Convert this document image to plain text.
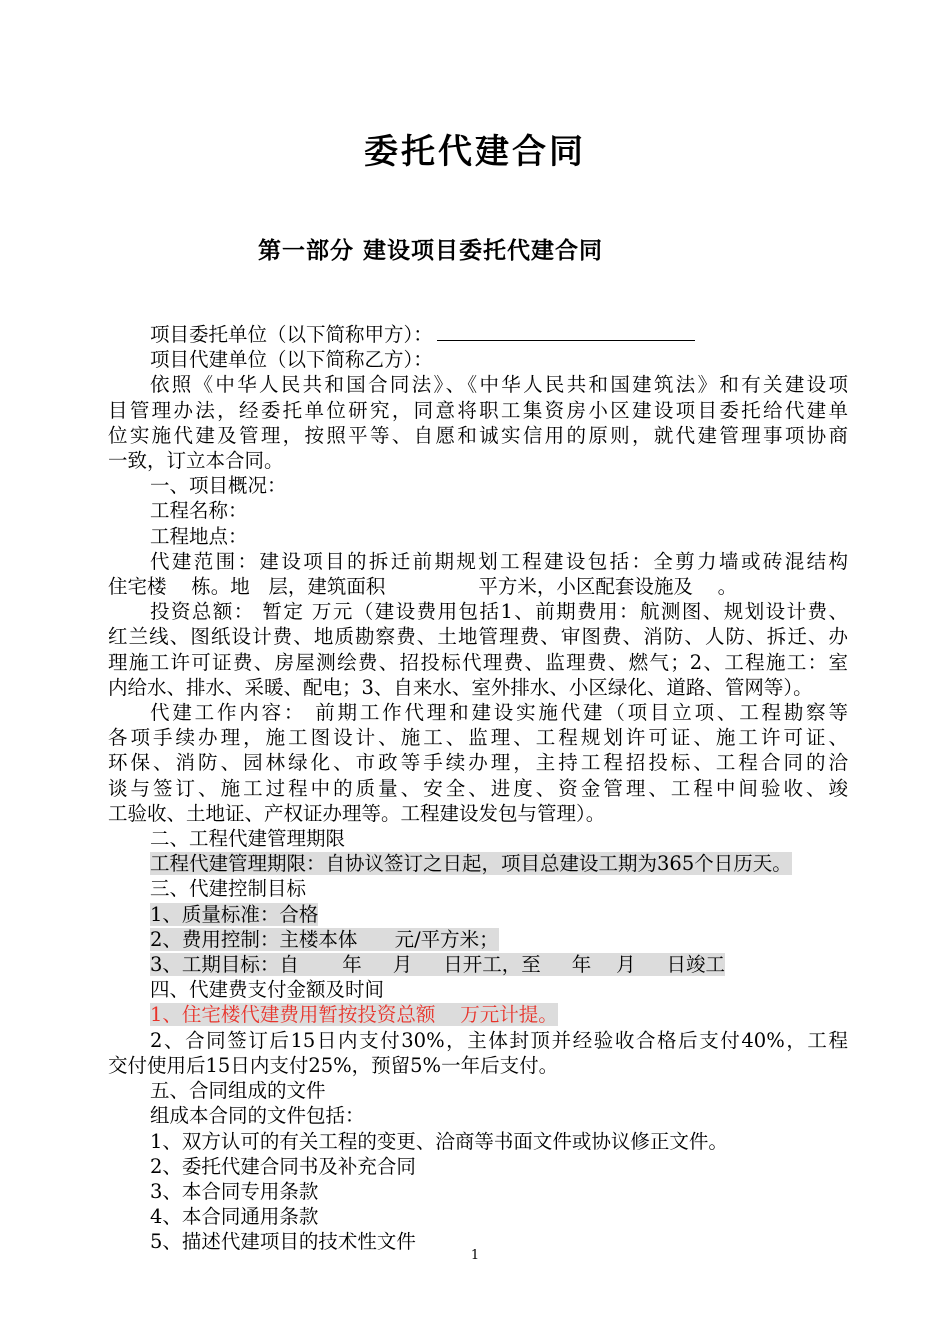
委托代建合同
第一部分 建设项目委托代建合同
项目委托单位（以下简称甲方）：
项目代建单位（以下简称乙方）：
依照《中华人民共和国合同法》、《中华人民共和国建筑法》和有关建设项
目管理办法，经委托单位研究，同意将职工集资房小区建设项目委托给代建单
位实施代建及管理，按照平等、自愿和诚实信用的原则，就代建管理事项协商
一致，订立本合同。
一、项目概况：
工程名称：
工程地点：
代建范围：建设项目的拆迁前期规划工程建设包括：全剪力墙或砖混结构
住宅楼    栋。地   层，建筑面积               平方米，小区配套设施及    。
投资总额： 暂定 万元（建设费用包括1、前期费用：航测图、规划设计费、
红兰线、图纸设计费、地质勘察费、土地管理费、审图费、消防、人防、拆迁、办
理施工许可证费、房屋测绘费、招投标代理费、监理费、燃气；2、工程施工：室
内给水、排水、采暖、配电；3、自来水、室外排水、小区绿化、道路、管网等）。
代建工作内容： 前期工作代理和建设实施代建（项目立项、工程勘察等
各项手续办理，施工图设计、施工、监理、工程规划许可证、施工许可证、
环保、消防、园林绿化、市政等手续办理，主持工程招投标、工程合同的洽
谈与签订、施工过程中的质量、安全、进度、资金管理、工程中间验收、竣
工验收、土地证、产权证办理等。工程建设发包与管理）。
二、工程代建管理期限
工程代建管理期限：自协议签订之日起，项目总建设工期为365个日历天。
三、代建控制目标
1、质量标准：合格
2、费用控制：主楼本体      元/平方米；
3、工期目标：自       年     月     日开工，至     年    月     日竣工
四、代建费支付金额及时间
1、住宅楼代建费用暂按投资总额    万元计提。
2、合同签订后15日内支付30%，主体封顶并经验收合格后支付40%，工程
交付使用后15日内支付25%，预留5%一年后支付。
五、合同组成的文件
组成本合同的文件包括：
1、双方认可的有关工程的变更、洽商等书面文件或协议修正文件。
2、委托代建合同书及补充合同
3、本合同专用条款
4、本合同通用条款
5、描述代建项目的技术性文件
1
